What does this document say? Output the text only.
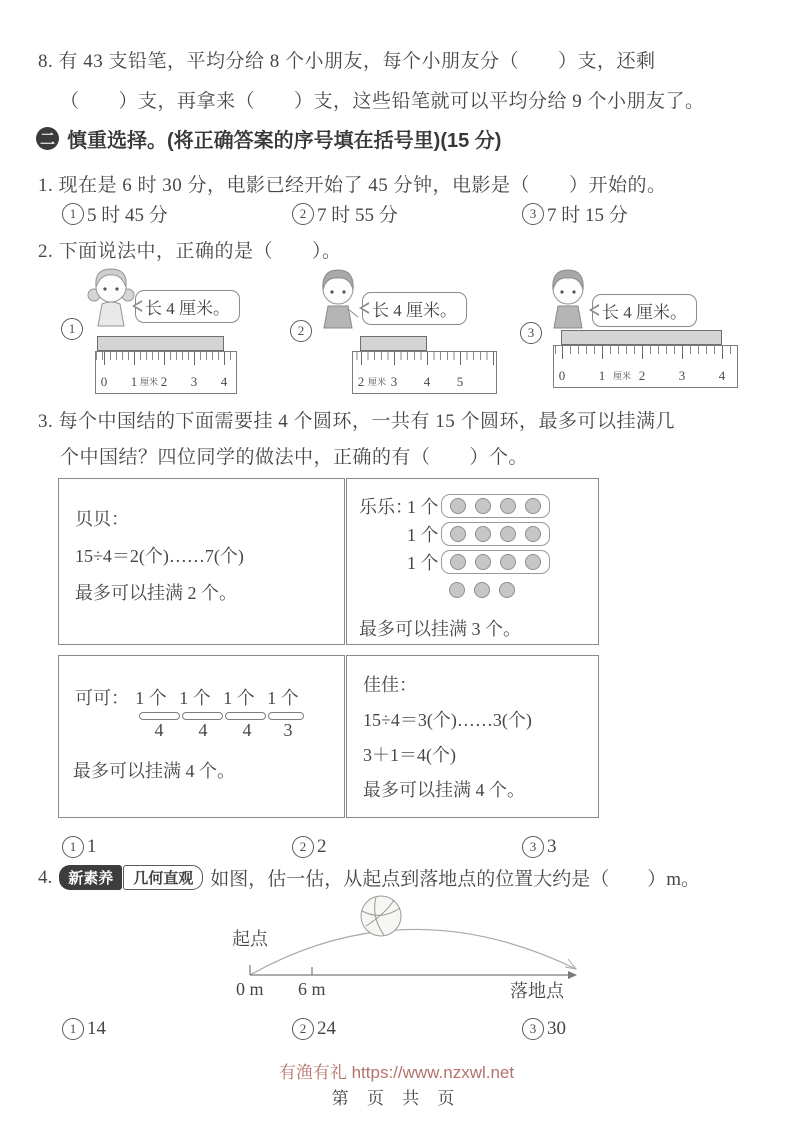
8. 有 43 支铅笔，平均分给 8 个小朋友，每个小朋友分（　　）支，还剩
（　　）支，再拿来（　　）支，这些铅笔就可以平均分给 9 个小朋友了。
二 慎重选择。(将正确答案的序号填在括号里)(15 分)
1. 现在是 6 时 30 分，电影已经开始了 45 分钟，电影是（　　）开始的。
1 5 时 45 分	2 7 时 55 分	3 7 时 15 分
2. 下面说法中，正确的是（　　）。
1
长 4 厘米。
0 1 厘米 2 3 4
2
长 4 厘米。
2 厘米 3 4 5
3
长 4 厘米。
0	1 厘米 2	3	4
3. 每个中国结的下面需要挂 4 个圆环，一共有 15 个圆环，最多可以挂满几
个中国结？四位同学的做法中，正确的有（　　）个。
贝贝：
15÷4＝2(个)……7(个)
最多可以挂满 2 个。
乐乐：
1 个
1 个
1 个
最多可以挂满 3 个。
可可： 1 个 1 个 1 个 1 个
4	4	4	3
最多可以挂满 4 个。
佳佳：
15÷4＝3(个)……3(个)
3＋1＝4(个)
最多可以挂满 4 个。
1 1	2 2	3 3
4.	新素养	几何直观 如图，估一估，从起点到落地点的位置大约是（　　）m。
起点
0 m 6 m	落地点
1 14	2 24	3 30
有渔有礼 https://www.nzxwl.net
第 页 共 页
